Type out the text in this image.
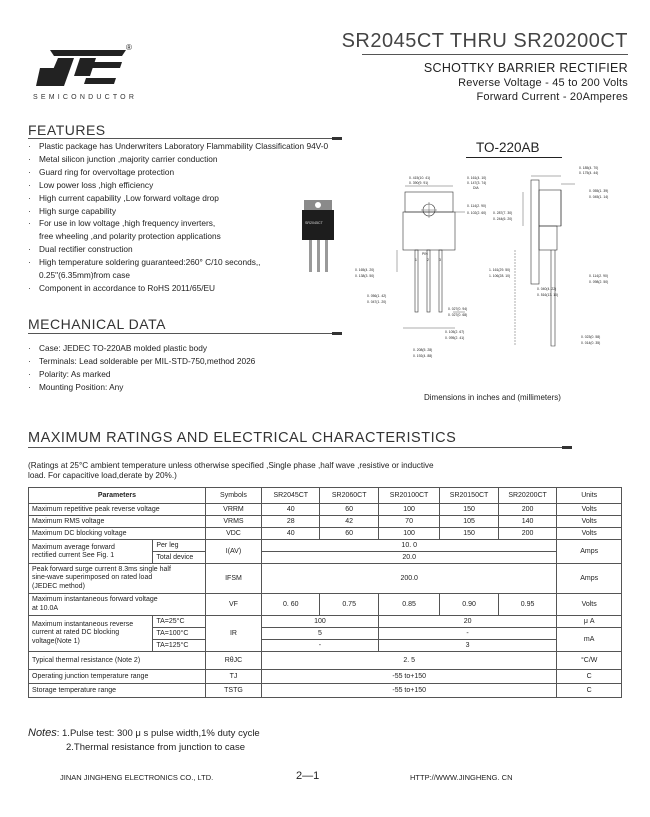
®
SEMICONDUCTOR
SR2045CT THRU SR20200CT
SCHOTTKY BARRIER RECTIFIER
Reverse Voltage - 45 to 200 Volts
Forward Current - 20Amperes
FEATURES
· Plastic package has Underwriters Laboratory Flammability Classification 94V-0
· Metal silicon junction ,majority carrier conduction
· Guard ring for overvoltage protection
· Low power loss ,high efficiency
· High current capability ,Low forward voltage drop
· High surge capability
· For use in low voltage ,high frequency inverters,
free wheeling ,and polarity protection applications
· Dual rectifier construction
· High temperature soldering guaranteed:260° C/10 seconds,,
0.25"(6.35mm)from case
· Component in accordance to RoHS 2011/65/EU
SR2045CT
TO-220AB
0. 415(10. 41)
0. 390(9. 91)
0. 161(4. 10)
0. 147(3. 74)
DIA
0. 114(2. 90)
0. 102(2. 60)
0. 185(4. 70)
0. 175(4. 44)
0. 055(1. 39)
0. 045(1. 14)
0. 287(7. 30)
0. 244(6. 20)
0. 165(4. 20)
0. 138(3. 50)
1. 161(29. 50)
1. 106(28. 10)	0. 114(2. 90)
0. 098(2. 50)
0. 040(4. 22)
0. 516(13. 10)
0. 056(1. 42)
0. 047(1. 20)
0. 027(0. 94)
0. 027(0. 68)
0. 105(2. 67)
0. 095(2. 41)
0. 208(5. 28)
0. 192(4. 88)
0. 023(0. 58)
0. 014(0. 35)
PIN
1	2	3
Dimensions in inches and (millimeters)
MECHANICAL DATA
· Case: JEDEC TO-220AB molded plastic body
· Terminals: Lead solderable per MIL-STD-750,method 2026
· Polarity: As marked
· Mounting Position: Any
MAXIMUM RATINGS AND ELECTRICAL CHARACTERISTICS
(Ratings at 25°C ambient temperature unless otherwise specified ,Single phase ,half wave ,resistive or inductive
load. For capacitive load,derate by 20%.)
Parameters		Symbols	SR2045CT	SR2060CT	SR20100CT	SR20150CT	SR20200CT	Units
Maximum repetitive peak reverse voltage		VRRM	40	60	100	150	200	Volts
Maximum RMS voltage		VRMS	28	42	70	105	140	Volts
Maximum DC blocking voltage		VDC	40	60	100	150	200	Volts

Maximum average forward
rectified current See Fig. 1	Per leg	I(AV)	10. 0					Amps
	Total device		20.0					

Peak forward surge current 8.3ms single half
sine-wave superimposed on rated load
(JEDEC method)		IFSM	200.0					Amps

Maximum instantaneous forward voltage
at 10.0A		VF	0. 60	0.75	0.85	0.90	0.95	Volts

Maximum instantaneous reverse
current at rated DC blocking
voltage(Note 1)	TA=25°C	IR	100		20			μ A
	TA=100°C		5		-			mA
	TA=125°C		-		3			
Typical thermal resistance (Note 2)		RθJC	2. 5					°C/W
Operating junction temperature range		TJ	-55 to+150					C
Storage temperature range		TSTG	-55 to+150					C
Notes: 1.Pulse test: 300 μ s pulse width,1% duty cycle
2.Thermal resistance from junction to case
JINAN JINGHENG ELECTRONICS CO., LTD.	2—1	HTTP://WWW.JINGHENG. CN
